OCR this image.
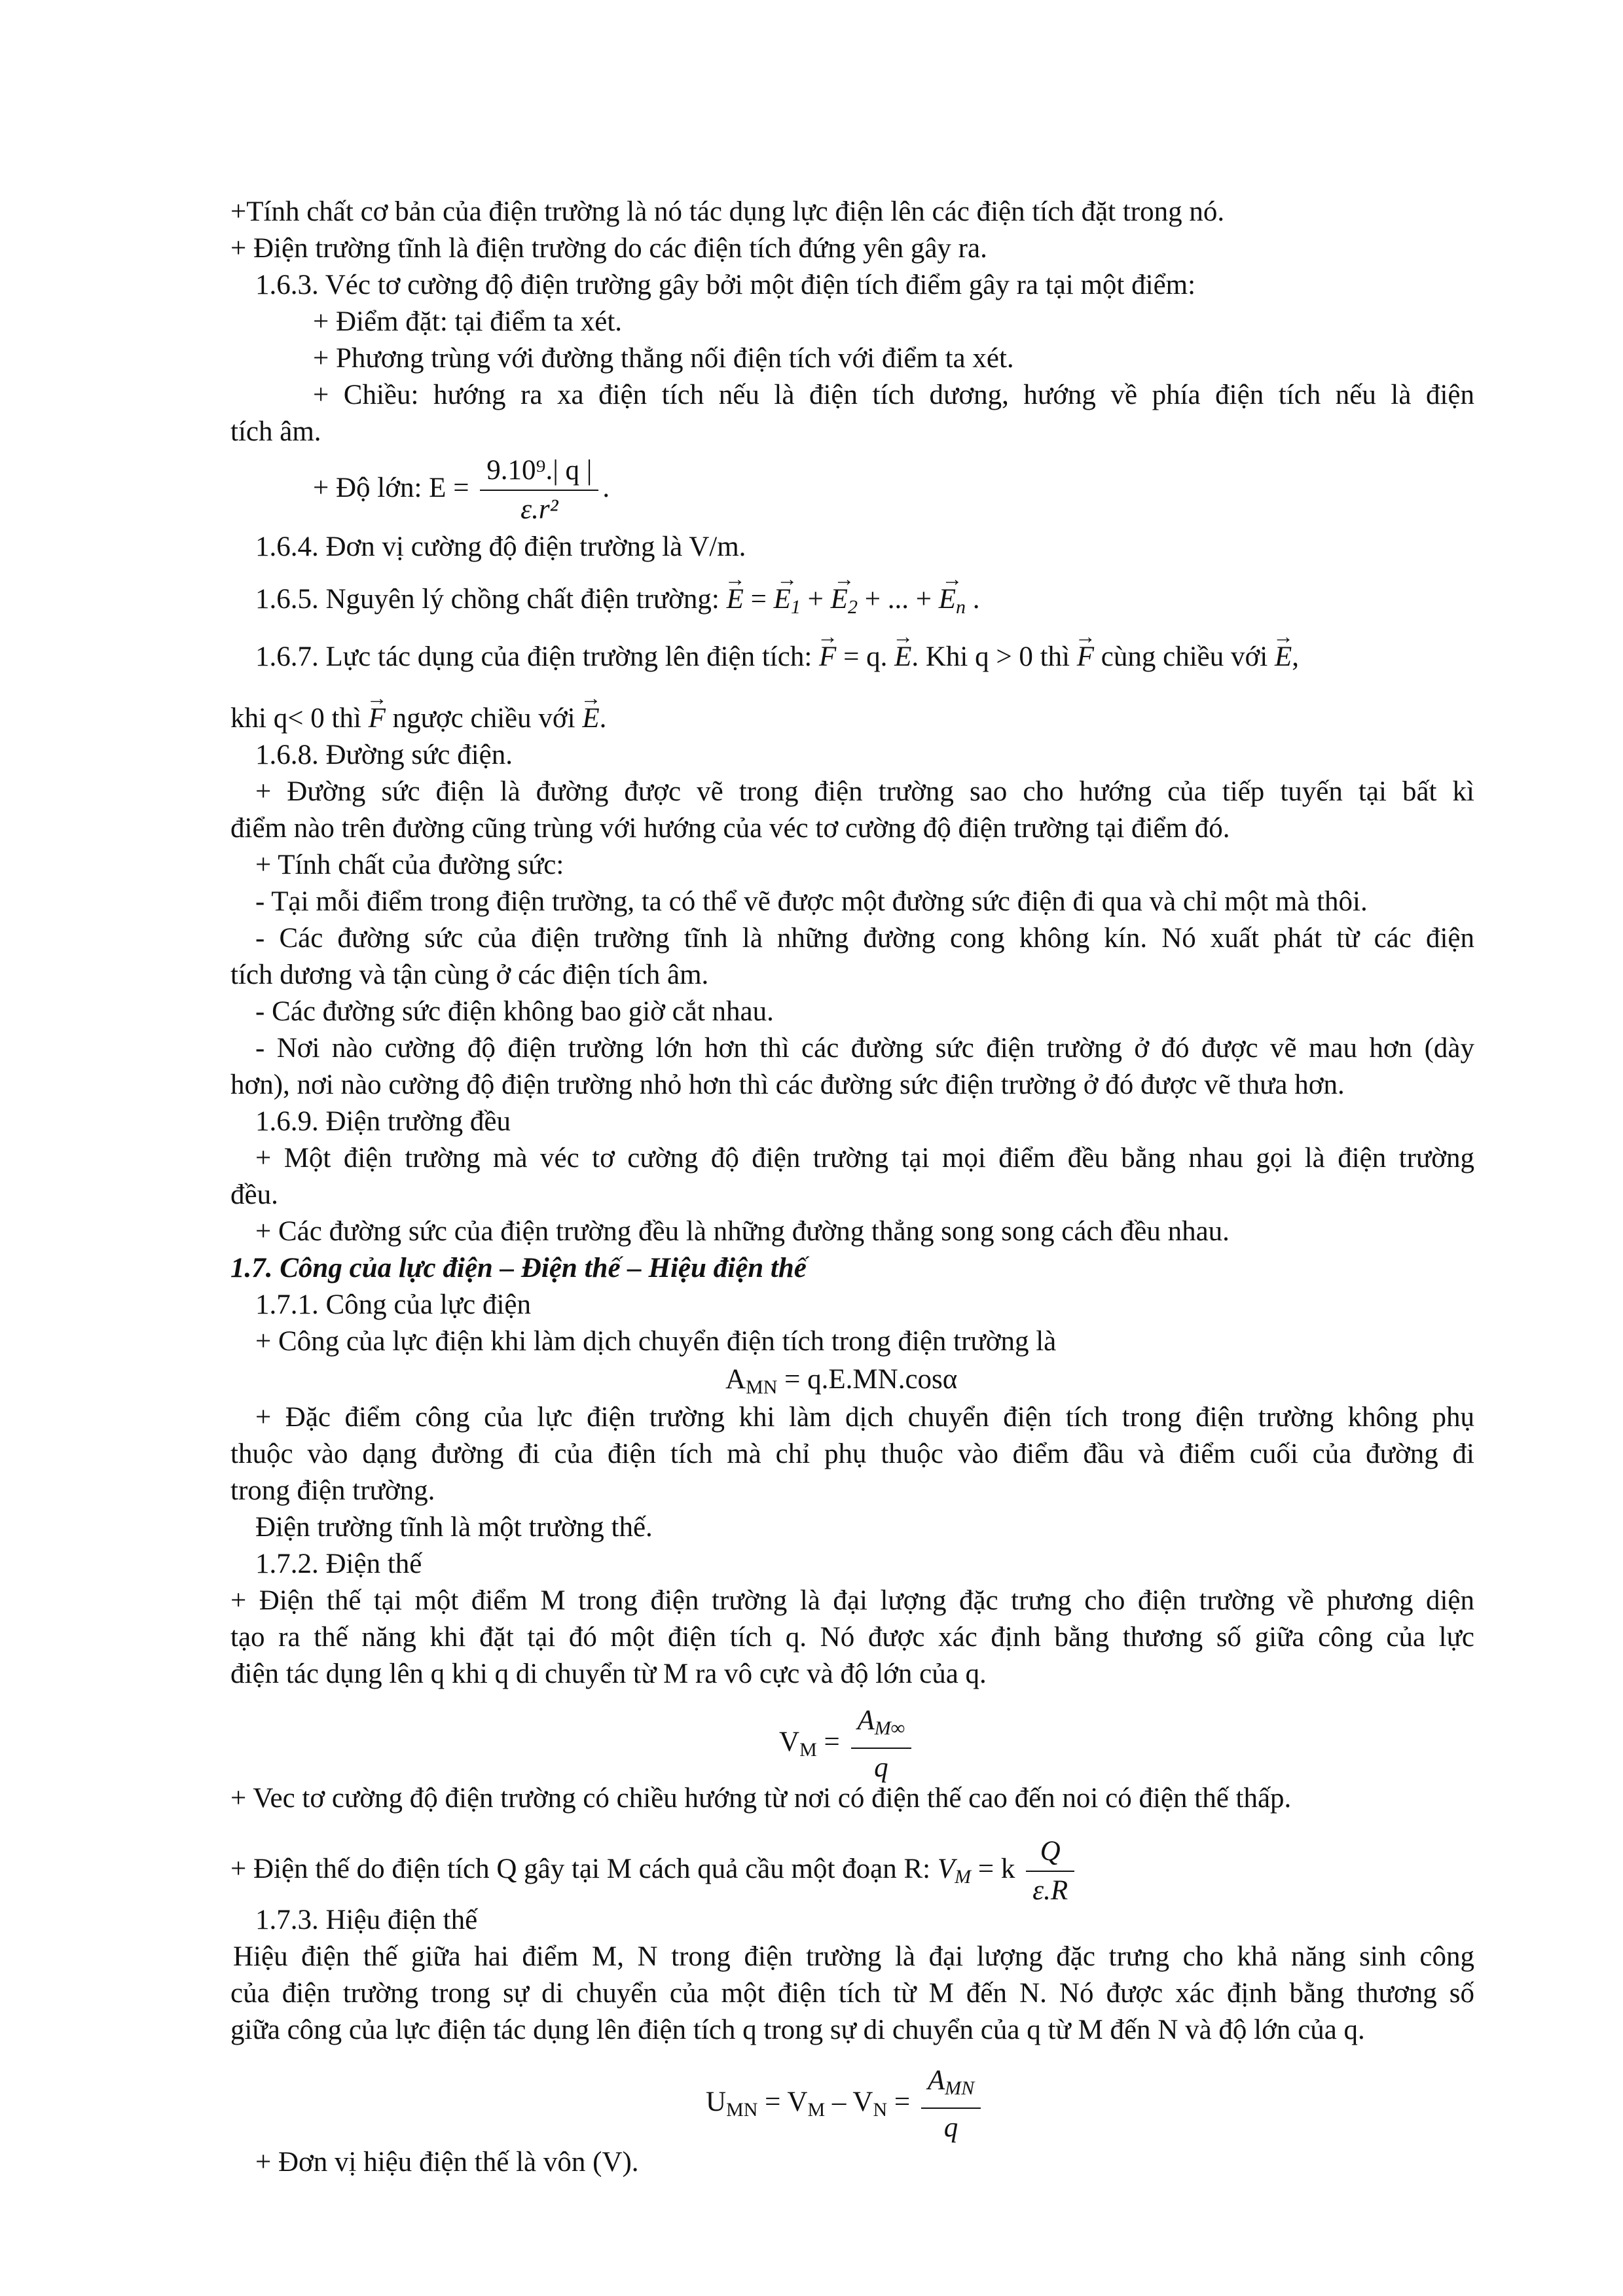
+Tính chất cơ bản của điện trường là nó tác dụng lực điện lên các điện tích đặt trong nó.
+ Điện trường tĩnh là điện trường do các điện tích đứng yên gây ra.
1.6.3. Véc tơ cường độ điện trường gây bởi một điện tích điểm gây ra tại một điểm:
+ Điểm đặt: tại điểm ta xét.
+ Phương trùng với đường thẳng nối điện tích với điểm ta xét.
+ Chiều: hướng ra xa điện tích nếu là điện tích dương, hướng về phía điện tích nếu là điện
tích âm.
+ Độ lớn: $E = \frac{\text{9.10⁹.| q |}}{\text{ε.r²}}$ .
1.6.4. Đơn vị cường độ điện trường là V/m.
1.6.5. Nguyên lý chồng chất điện trường: → E = → $E_1$ + → $E_2$ + ... + → $E_n$ .
1.6.7. Lực tác dụng của điện trường lên điện tích: → F = q. → E. Khi q > 0 thì → F cùng chiều với → E,
khi q< 0 thì → F ngược chiều với → E.
1.6.8. Đường sức điện.
+ Đường sức điện là đường được vẽ trong điện trường sao cho hướng của tiếp tuyến tại bất kì
điểm nào trên đường cũng trùng với hướng của véc tơ cường độ điện trường tại điểm đó.
+ Tính chất của đường sức:
- Tại mỗi điểm trong điện trường, ta có thể vẽ được một đường sức điện đi qua và chỉ một mà thôi.
- Các đường sức của điện trường tĩnh là những đường cong không kín. Nó xuất phát từ các điện
tích dương và tận cùng ở các điện tích âm.
- Các đường sức điện không bao giờ cắt nhau.
- Nơi nào cường độ điện trường lớn hơn thì các đường sức điện trường ở đó được vẽ mau hơn (dày
hơn), nơi nào cường độ điện trường nhỏ hơn thì các đường sức điện trường ở đó được vẽ thưa hơn.
1.6.9. Điện trường đều
+ Một điện trường mà véc tơ cường độ điện trường tại mọi điểm đều bằng nhau gọi là điện trường
đều.
+ Các đường sức của điện trường đều là những đường thẳng song song cách đều nhau.
1.7. Công của lực điện – Điện thế – Hiệu điện thế
1.7.1. Công của lực điện
+ Công của lực điện khi làm dịch chuyển điện tích trong điện trường là
$A_{MN} = q.E.MN.\cos\alpha$
+ Đặc điểm công của lực điện trường khi làm dịch chuyển điện tích trong điện trường không phụ
thuộc vào dạng đường đi của điện tích mà chỉ phụ thuộc vào điểm đầu và điểm cuối của đường đi
trong điện trường.
Điện trường tĩnh là một trường thế.
1.7.2. Điện thế
+ Điện thế tại một điểm M trong điện trường là đại lượng đặc trưng cho điện trường về phương diện
tạo ra thế năng khi đặt tại đó một điện tích q. Nó được xác định bằng thương số giữa công của lực
điện tác dụng lên q khi q di chuyển từ M ra vô cực và độ lớn của q.
$V_M = \frac{A_{M\infty}}{q}$
+ Vec tơ cường độ điện trường có chiều hướng từ nơi có điện thế cao đến noi có điện thế thấp.
+ Điện thế do điện tích Q gây tại M cách quả cầu một đoạn R: $V_M = k \frac{Q}{\varepsilon.R}$
1.7.3. Hiệu điện thế
Hiệu điện thế giữa hai điểm M, N trong điện trường là đại lượng đặc trưng cho khả năng sinh công
của điện trường trong sự di chuyển của một điện tích từ M đến N. Nó được xác định bằng thương số
giữa công của lực điện tác dụng lên điện tích q trong sự di chuyển của q từ M đến N và độ lớn của q.
$U_{MN} = V_M - V_N = \frac{A_{MN}}{q}$
+ Đơn vị hiệu điện thế là vôn (V).
